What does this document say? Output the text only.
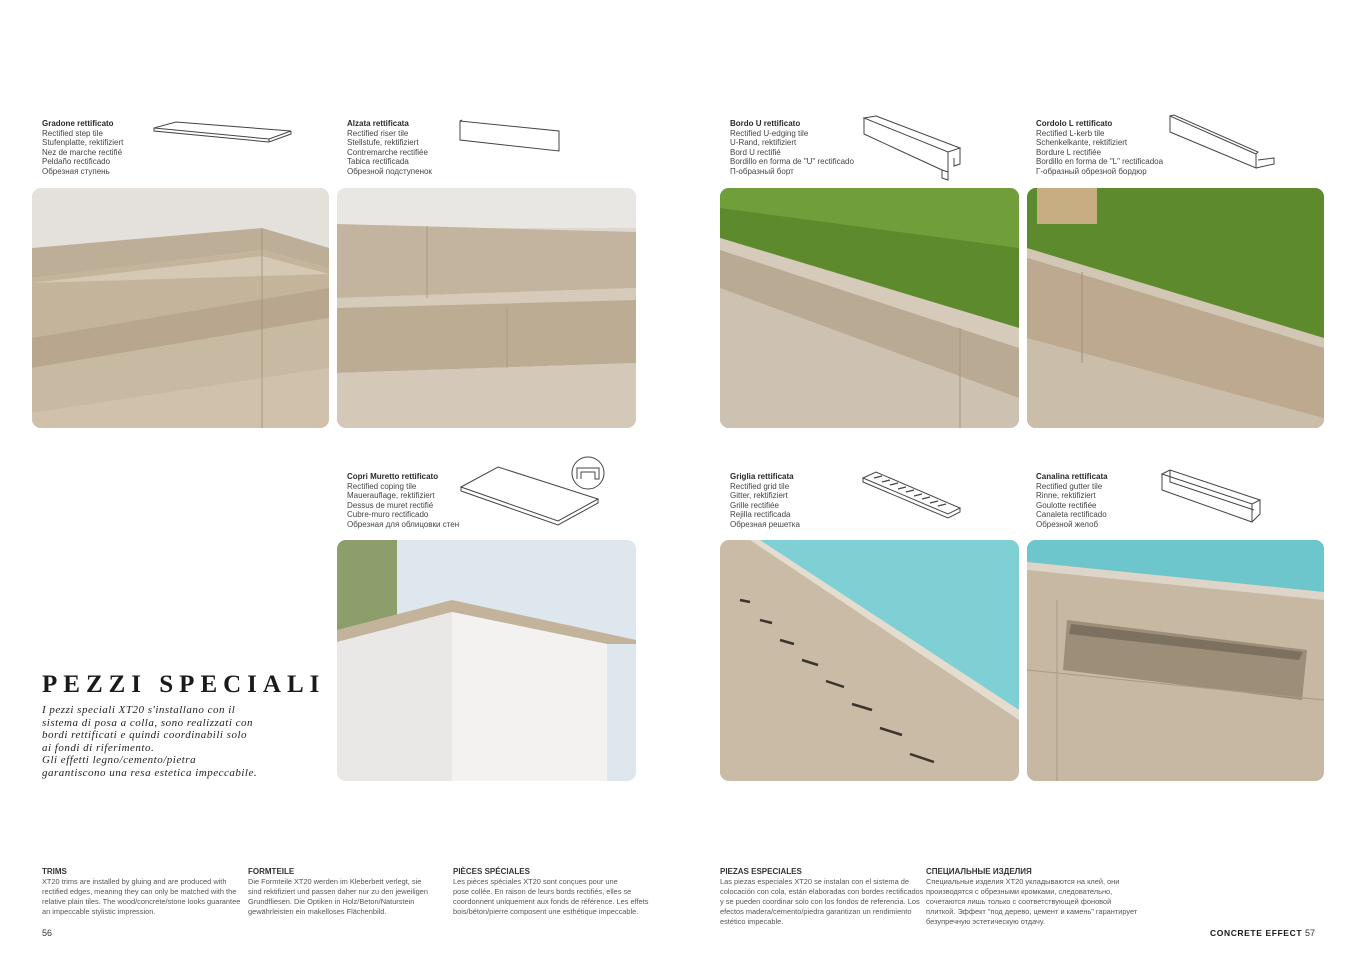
Gradone rettificato
Rectified step tile
Stufenplatte, rektifiziert
Nez de marche rectifié
Peldaño rectificado
Обрезная ступень
Alzata rettificata
Rectified riser tile
Stellstufe, rektifiziert
Contremarche rectifiée
Tabica rectificada
Обрезной подступенок
Bordo U rettificato
Rectified U-edging tile
U-Rand, rektifiziert
Bord U rectifié
Bordillo en forma de "U" rectificado
П-образный борт
Cordolo L rettificato
Rectified L-kerb tile
Schenkelkante, rektifiziert
Bordure L rectifiée
Bordillo en forma de "L" rectificadoa
Г-образный обрезной бордюр
Copri Muretto rettificato
Rectified coping tile
Mauerauflage, rektifiziert
Dessus de muret rectifié
Cubre-muro rectificado
Обрезная для облицовки стен
Griglia rettificata
Rectified grid tile
Gitter, rektifiziert
Grille rectifiée
Rejilla rectificada
Обрезная решетка
Canalina rettificata
Rectified gutter tile
Rinne, rektifiziert
Goulotte rectifiée
Canaleta rectificado
Обрезной желоб
PEZZI SPECIALI
I pezzi speciali XT20 s'installano con il
sistema di posa a colla, sono realizzati con
bordi rettificati e quindi coordinabili solo
ai fondi di riferimento.
Gli effetti legno/cemento/pietra
garantiscono una resa estetica impeccabile.
TRIMS
XT20 trims are installed by gluing and are produced with
rectified edges, meaning they can only be matched with the
relative plain tiles. The wood/concrete/stone looks guarantee
an impeccable stylistic impression.
FORMTEILE
Die Formteile XT20 werden im Kleberbett verlegt, sie
sind rektifiziert und passen daher nur zu den jeweiligen
Grundfliesen. Die Optiken in Holz/Beton/Naturstein
gewährleisten ein makelloses Flächenbild.
PIÈCES SPÉCIALES
Les pièces spéciales XT20 sont conçues pour une
pose collée. En raison de leurs bords rectifiés, elles se
coordonnent uniquement aux fonds de référence. Les effets
bois/béton/pierre composent une esthétique impeccable.
PIEZAS ESPECIALES
Las piezas especiales XT20 se instalan con el sistema de
colocación con cola, están elaboradas con bordes rectificados
y se pueden coordinar solo con los fondos de referencia. Los
efectos madera/cemento/piedra garantizan un rendimiento
estético impecable.
СПЕЦИАЛЬНЫЕ ИЗДЕЛИЯ
Специальные изделия XT20 укладываются на клей, они
производятся с обрезными кромками, следовательно,
сочетаются лишь только с соответствующей фоновой
плиткой. Эффект "под дерево, цемент и камень" гарантирует
безупречную эстетическую отдачу.
56	CONCRETE EFFECT 57
